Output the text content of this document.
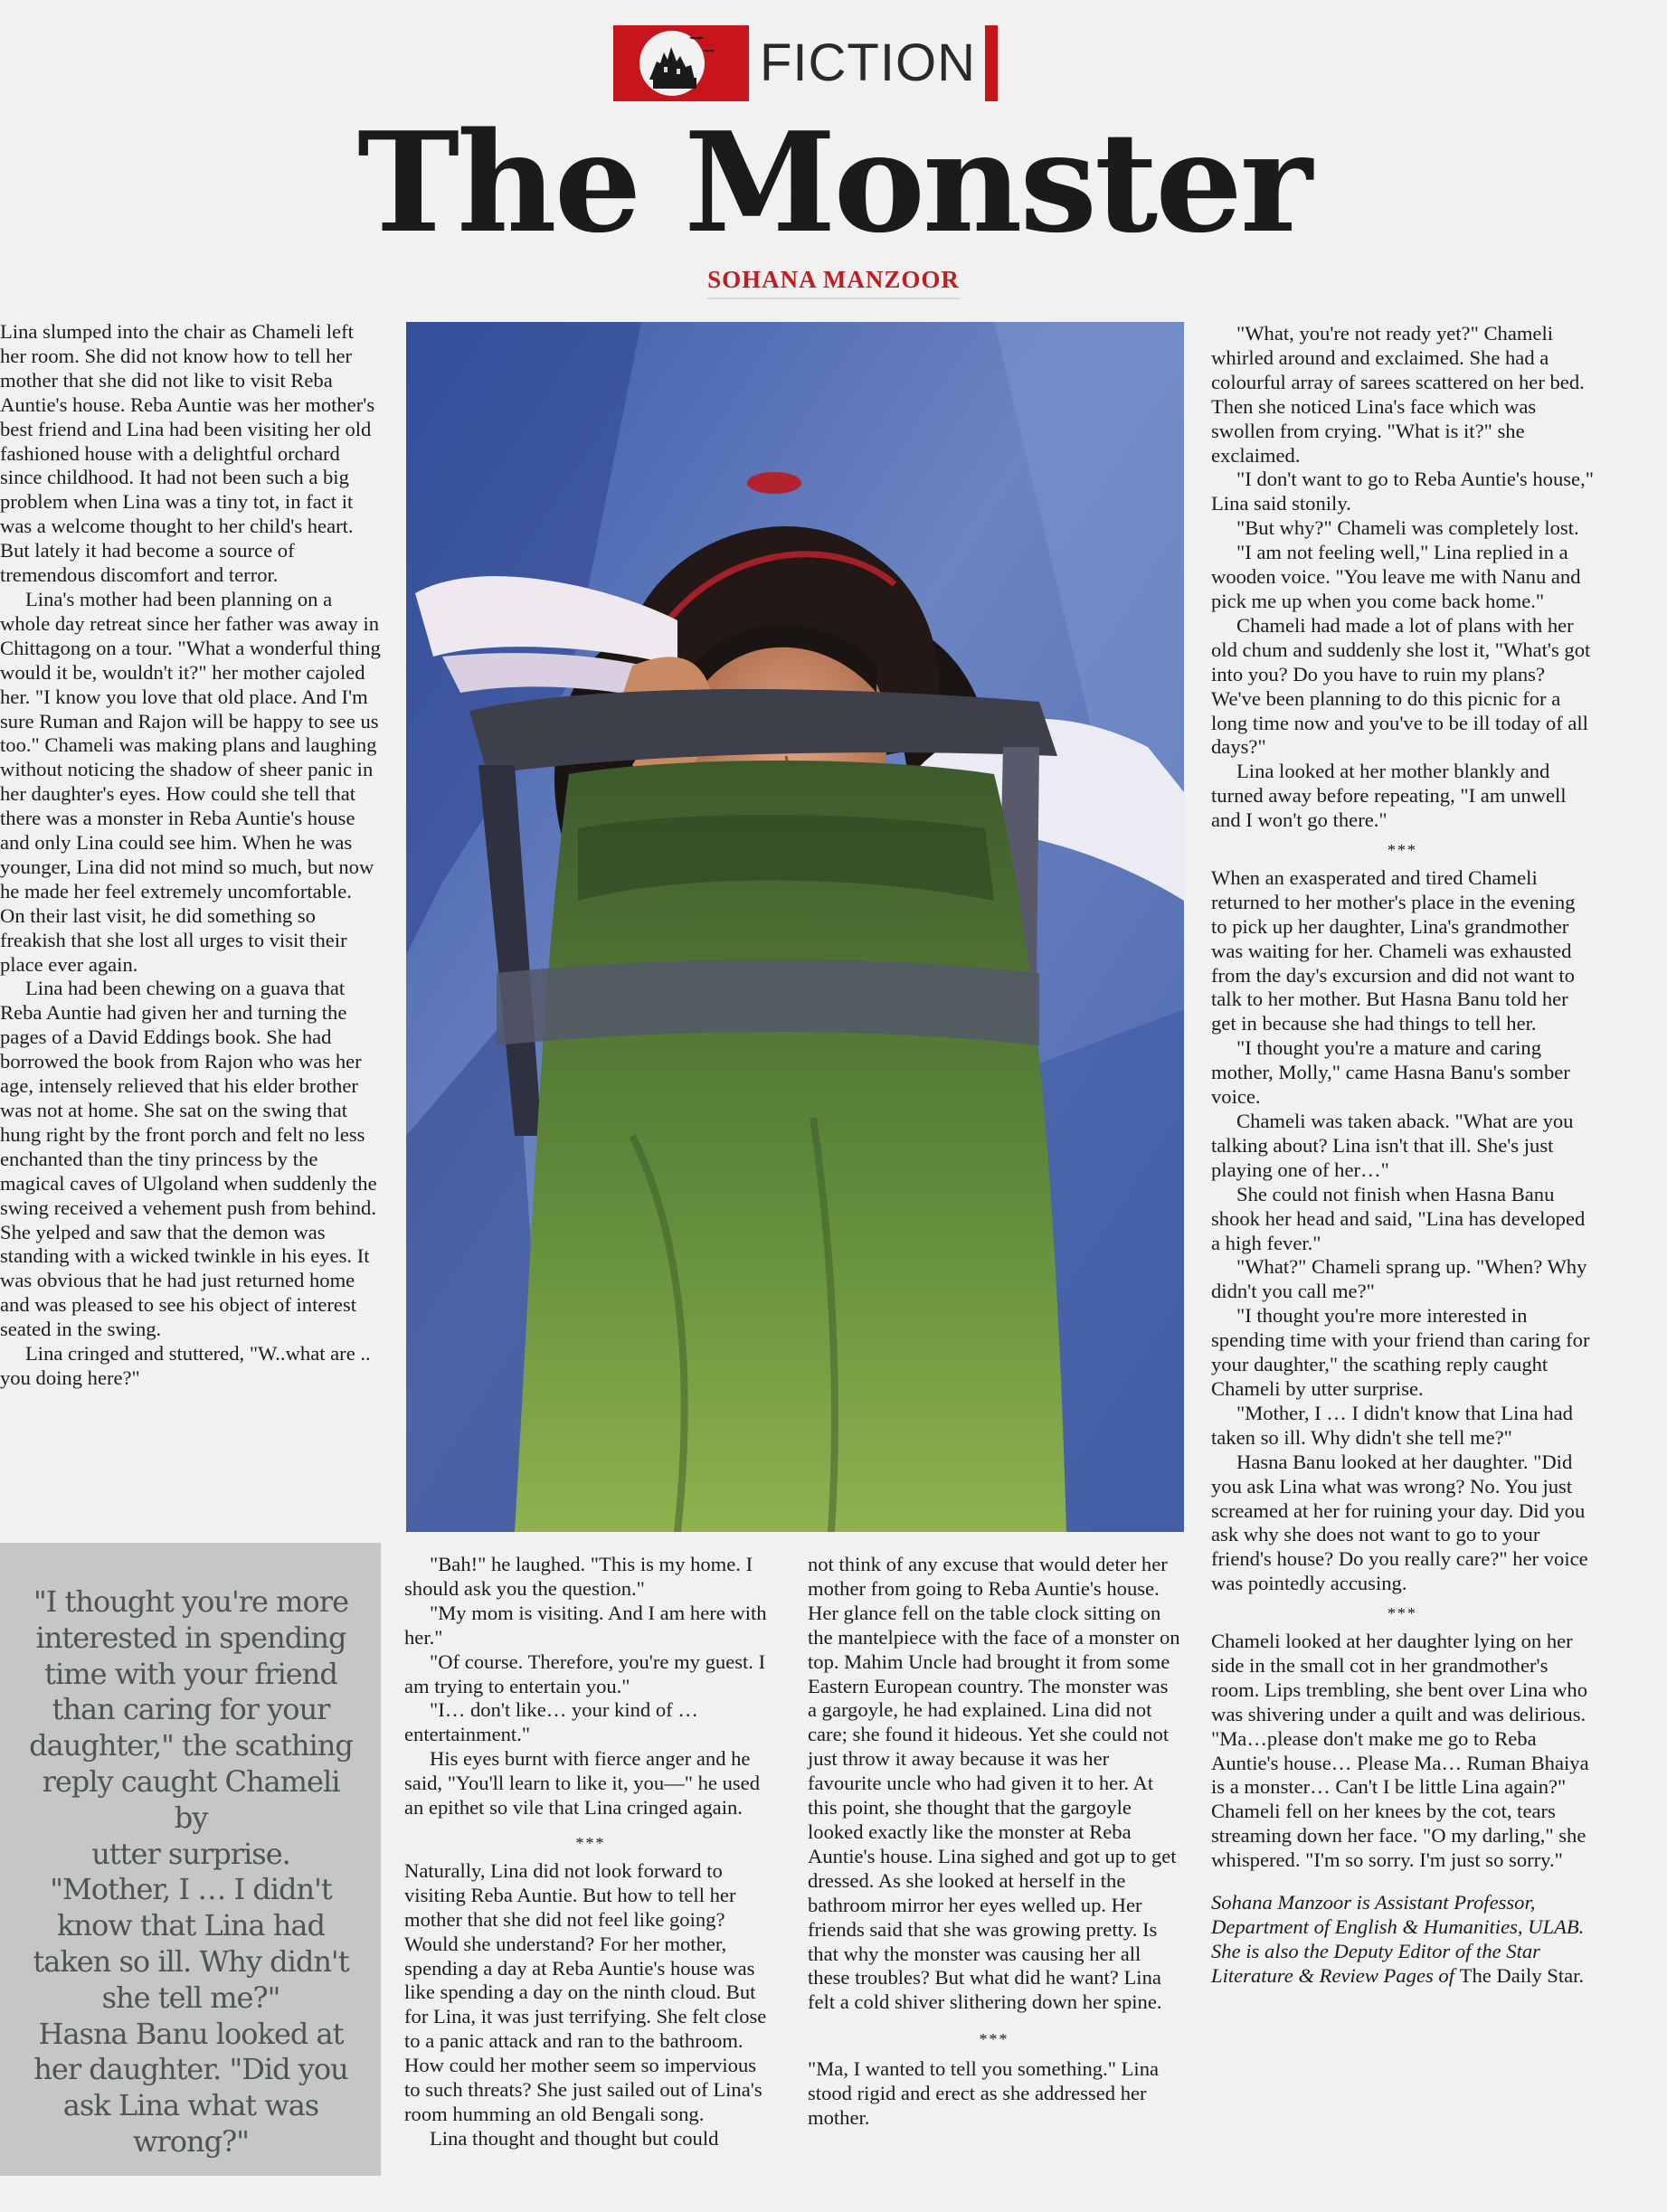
FICTION
The Monster
SOHANA MANZOOR

Lina slumped into the chair as Chameli left her room. She did not know how to tell her mother that she did not like to visit Reba Auntie's house. Reba Auntie was her mother's best friend and Lina had been visiting her old fashioned house with a delightful orchard since childhood. It had not been such a big problem when Lina was a tiny tot, in fact it was a welcome thought to her child's heart. But lately it had become a source of tremendous discomfort and terror.

Lina's mother had been planning on a whole day retreat since her father was away in Chittagong on a tour. "What a wonderful thing would it be, wouldn't it?" her mother cajoled her. "I know you love that old place. And I'm sure Ruman and Rajon will be happy to see us too." Chameli was making plans and laughing without noticing the shadow of sheer panic in her daughter's eyes. How could she tell that there was a monster in Reba Auntie's house and only Lina could see him. When he was younger, Lina did not mind so much, but now he made her feel extremely uncomfortable. On their last visit, he did something so freakish that she lost all urges to visit their place ever again.

Lina had been chewing on a guava that Reba Auntie had given her and turning the pages of a David Eddings book. She had borrowed the book from Rajon who was her age, intensely relieved that his elder brother was not at home. She sat on the swing that hung right by the front porch and felt no less enchanted than the tiny princess by the magical caves of Ulgoland when suddenly the swing received a vehement push from behind. She yelped and saw that the demon was standing with a wicked twinkle in his eyes. It was obvious that he had just returned home and was pleased to see his object of interest seated in the swing.

Lina cringed and stuttered, "W..what are .. you doing here?"

"I thought you're more
interested in spending
time with your friend
than caring for your
daughter," the scathing
reply caught Chameli by
utter surprise.
"Mother, I … I didn't
know that Lina had
taken so ill. Why didn't
she tell me?"
Hasna Banu looked at
her daughter. "Did you
ask Lina what was
wrong?"

"Bah!" he laughed. "This is my home. I should ask you the question."

"My mom is visiting. And I am here with her."

"Of course. Therefore, you're my guest. I am trying to entertain you."

"I… don't like… your kind of … entertainment."

His eyes burnt with fierce anger and he said, "You'll learn to like it, you—" he used an epithet so vile that Lina cringed again.

***

Naturally, Lina did not look forward to visiting Reba Auntie. But how to tell her mother that she did not feel like going? Would she understand? For her mother, spending a day at Reba Auntie's house was like spending a day on the ninth cloud. But for Lina, it was just terrifying. She felt close to a panic attack and ran to the bathroom. How could her mother seem so impervious to such threats? She just sailed out of Lina's room humming an old Bengali song.

Lina thought and thought but could

not think of any excuse that would deter her mother from going to Reba Auntie's house. Her glance fell on the table clock sitting on the mantelpiece with the face of a monster on top. Mahim Uncle had brought it from some Eastern European country. The monster was a gargoyle, he had explained. Lina did not care; she found it hideous. Yet she could not just throw it away because it was her favourite uncle who had given it to her. At this point, she thought that the gargoyle looked exactly like the monster at Reba Auntie's house. Lina sighed and got up to get dressed. As she looked at herself in the bathroom mirror her eyes welled up. Her friends said that she was growing pretty. Is that why the monster was causing her all these troubles? But what did he want? Lina felt a cold shiver slithering down her spine.

***

"Ma, I wanted to tell you something." Lina stood rigid and erect as she addressed her mother.

"What, you're not ready yet?" Chameli whirled around and exclaimed. She had a colourful array of sarees scattered on her bed. Then she noticed Lina's face which was swollen from crying. "What is it?" she exclaimed.

"I don't want to go to Reba Auntie's house," Lina said stonily.

"But why?" Chameli was completely lost.

"I am not feeling well," Lina replied in a wooden voice. "You leave me with Nanu and pick me up when you come back home."

Chameli had made a lot of plans with her old chum and suddenly she lost it, "What's got into you? Do you have to ruin my plans? We've been planning to do this picnic for a long time now and you've to be ill today of all days?"

Lina looked at her mother blankly and turned away before repeating, "I am unwell and I won't go there."

***

When an exasperated and tired Chameli returned to her mother's place in the evening to pick up her daughter, Lina's grandmother was waiting for her. Chameli was exhausted from the day's excursion and did not want to talk to her mother. But Hasna Banu told her get in because she had things to tell her.

"I thought you're a mature and caring mother, Molly," came Hasna Banu's somber voice.

Chameli was taken aback. "What are you talking about? Lina isn't that ill. She's just playing one of her…"

She could not finish when Hasna Banu shook her head and said, "Lina has developed a high fever."

"What?" Chameli sprang up. "When? Why didn't you call me?"

"I thought you're more interested in spending time with your friend than caring for your daughter," the scathing reply caught Chameli by utter surprise.

"Mother, I … I didn't know that Lina had taken so ill. Why didn't she tell me?"

Hasna Banu looked at her daughter. "Did you ask Lina what was wrong? No. You just screamed at her for ruining your day. Did you ask why she does not want to go to your friend's house? Do you really care?" her voice was pointedly accusing.

***

Chameli looked at her daughter lying on her side in the small cot in her grandmother's room. Lips trembling, she bent over Lina who was shivering under a quilt and was delirious. "Ma…please don't make me go to Reba Auntie's house… Please Ma… Ruman Bhaiya is a monster… Can't I be little Lina again?" Chameli fell on her knees by the cot, tears streaming down her face. "O my darling," she whispered. "I'm so sorry. I'm just so sorry."

Sohana Manzoor is Assistant Professor, Department of English & Humanities, ULAB. She is also the Deputy Editor of the Star Literature & Review Pages of The Daily Star.
